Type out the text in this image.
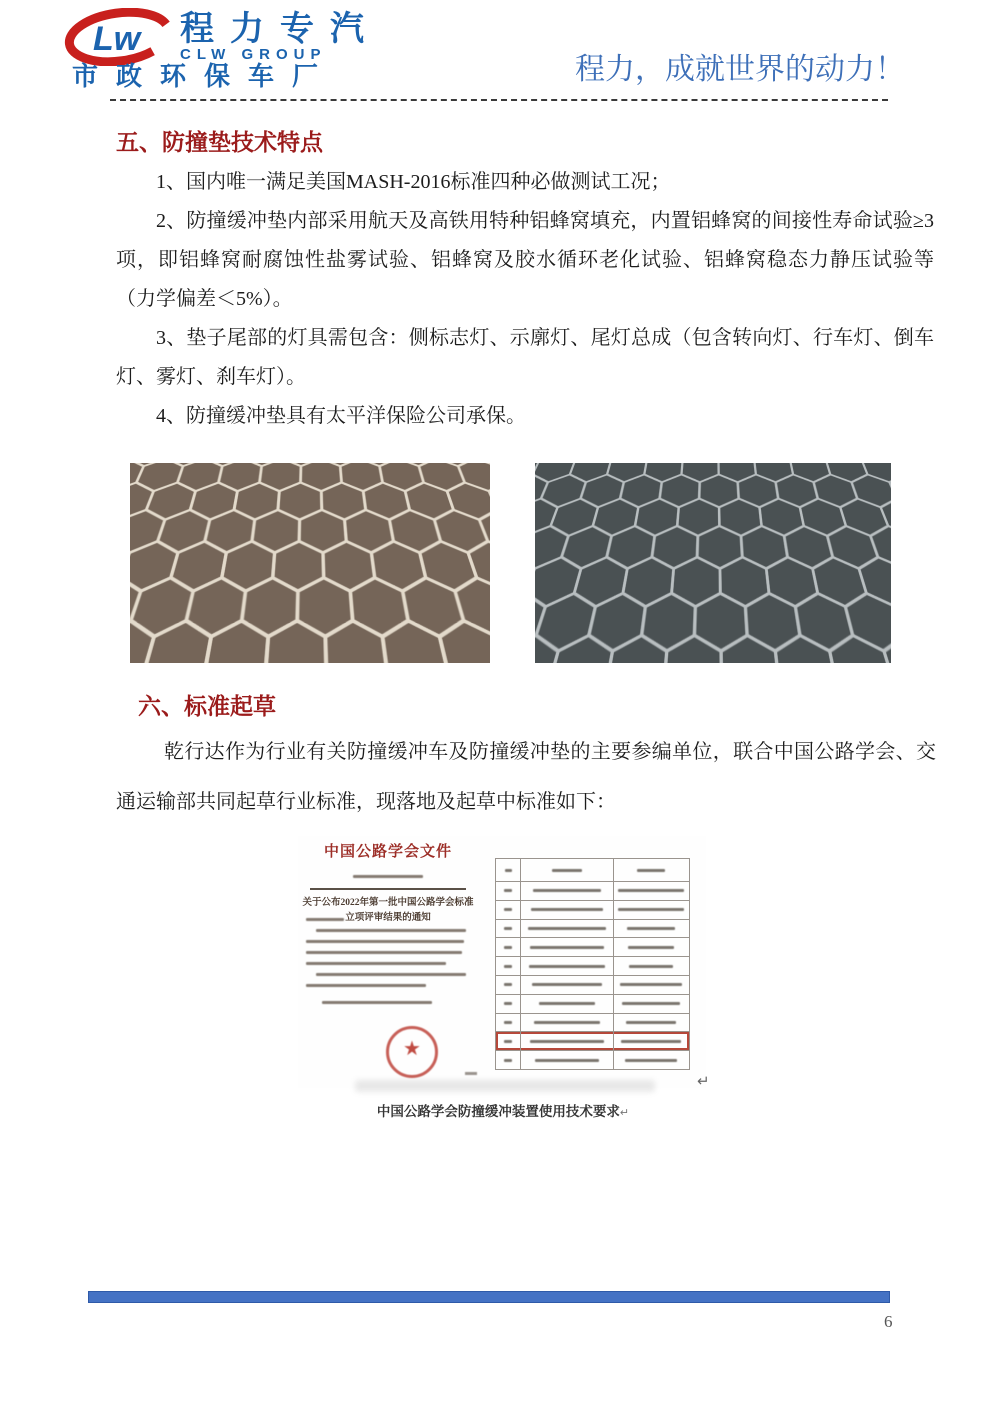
Lw 程力专汽
CLW GROUP
市政环保车厂	程力，成就世界的动力！
五、防撞垫技术特点

1、国内唯一满足美国MASH-2016标准四种必做测试工况；

2、防撞缓冲垫内部采用航天及高铁用特种铝蜂窝填充，内置铝蜂窝的间接性寿命试验≥3项，即铝蜂窝耐腐蚀性盐雾试验、铝蜂窝及胶水循环老化试验、铝蜂窝稳态力静压试验等（力学偏差＜5%）。

3、垫子尾部的灯具需包含：侧标志灯、示廓灯、尾灯总成（包含转向灯、行车灯、倒车灯、雾灯、刹车灯）。

4、防撞缓冲垫具有太平洋保险公司承保。

六、标准起草
乾行达作为行业有关防撞缓冲车及防撞缓冲垫的主要参编单位，联合中国公路学会、交通运输部共同起草行业标准，现落地及起草中标准如下：
中国公路学会文件
关于公布2022年第一批中国公路学会标准立项评审结果的通知
★
↵
中国公路学会防撞缓冲装置使用技术要求↵
6
